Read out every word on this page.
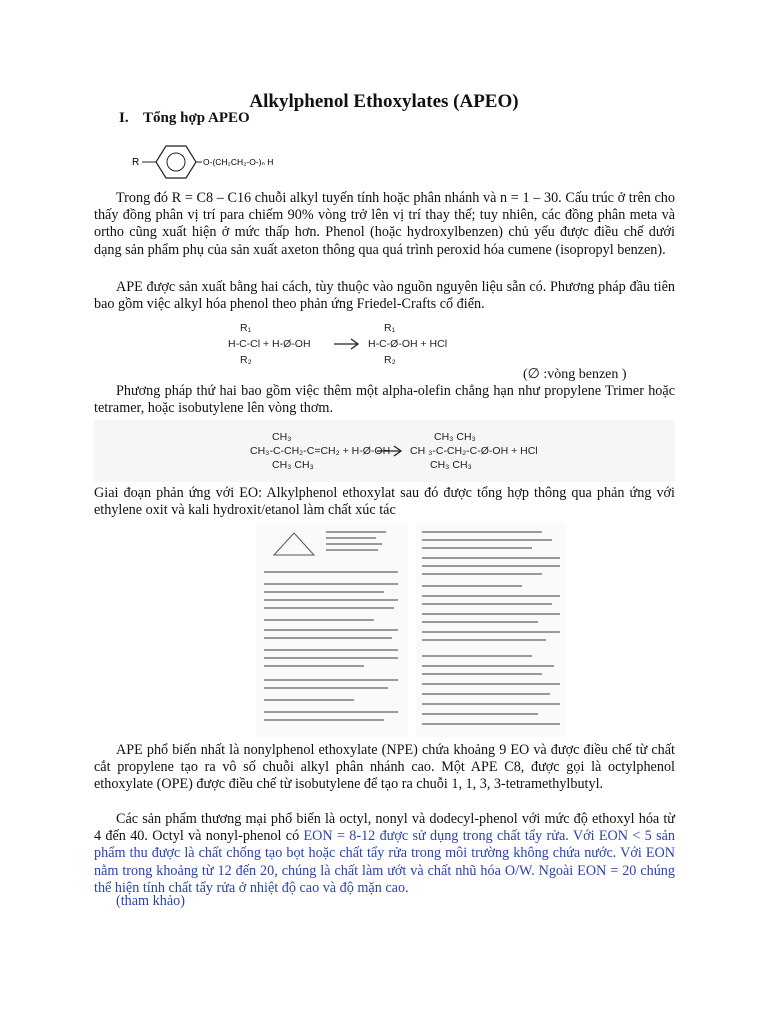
Alkylphenol Ethoxylates (APEO)
I. Tổng hợp APEO
R	O-(CH₂CH₂-O-)ₙ H
Trong đó R = C8 – C16 chuỗi alkyl tuyến tính hoặc phân nhánh và n = 1 – 30. Cấu trúc ở trên cho thấy đồng phân vị trí para chiếm 90% vòng trở lên vị trí thay thế; tuy nhiên, các đồng phân meta và ortho cũng xuất hiện ở mức thấp hơn. Phenol (hoặc hydroxylbenzen) chủ yếu được điều chế dưới dạng sản phẩm phụ của sản xuất axeton thông qua quá trình peroxid hóa cumene (isopropyl benzen).
APE được sản xuất bằng hai cách, tùy thuộc vào nguồn nguyên liệu sẵn có. Phương pháp đầu tiên bao gồm việc alkyl hóa phenol theo phản ứng Friedel-Crafts cổ điển.
R₁
H-C-Cl + H-Ø-OH
R₂
R₁
H-C-Ø-OH + HCl
R₂
(∅ :vòng benzen )
Phương pháp thứ hai bao gồm việc thêm một alpha-olefin chẳng hạn như propylene Trimer hoặc tetramer, hoặc isobutylene lên vòng thơm.
CH₃
CH₃-C-CH₂-C=CH₂ + H-Ø-OH
CH₃ CH₃
CH₃ CH₃
CH ₃-C-CH₂-C-Ø-OH + HCl
CH₃ CH₃
Giai đoạn phản ứng với EO: Alkylphenol ethoxylat sau đó được tổng hợp thông qua phản ứng với ethylene oxit và kali hydroxit/etanol làm chất xúc tác
APE phổ biến nhất là nonylphenol ethoxylate (NPE) chứa khoảng 9 EO và được điều chế từ chất cắt propylene tạo ra vô số chuỗi alkyl phân nhánh cao. Một APE C8, được gọi là octylphenol ethoxylate (OPE) được điều chế từ isobutylene để tạo ra chuỗi 1, 1, 3, 3-tetramethylbutyl.
Các sản phẩm thương mại phổ biến là octyl, nonyl và dodecyl-phenol với mức độ ethoxyl hóa từ 4 đến 40. Octyl và nonyl-phenol có EON = 8-12 được sử dụng trong chất tẩy rửa. Với EON < 5 sản phẩm thu được là chất chống tạo bọt hoặc chất tẩy rửa trong môi trường không chứa nước. Với EON nằm trong khoảng từ 12 đến 20, chúng là chất làm ướt và chất nhũ hóa O/W. Ngoài EON = 20 chúng thể hiện tính chất tẩy rửa ở nhiệt độ cao và độ mặn cao.
(tham khảo)
